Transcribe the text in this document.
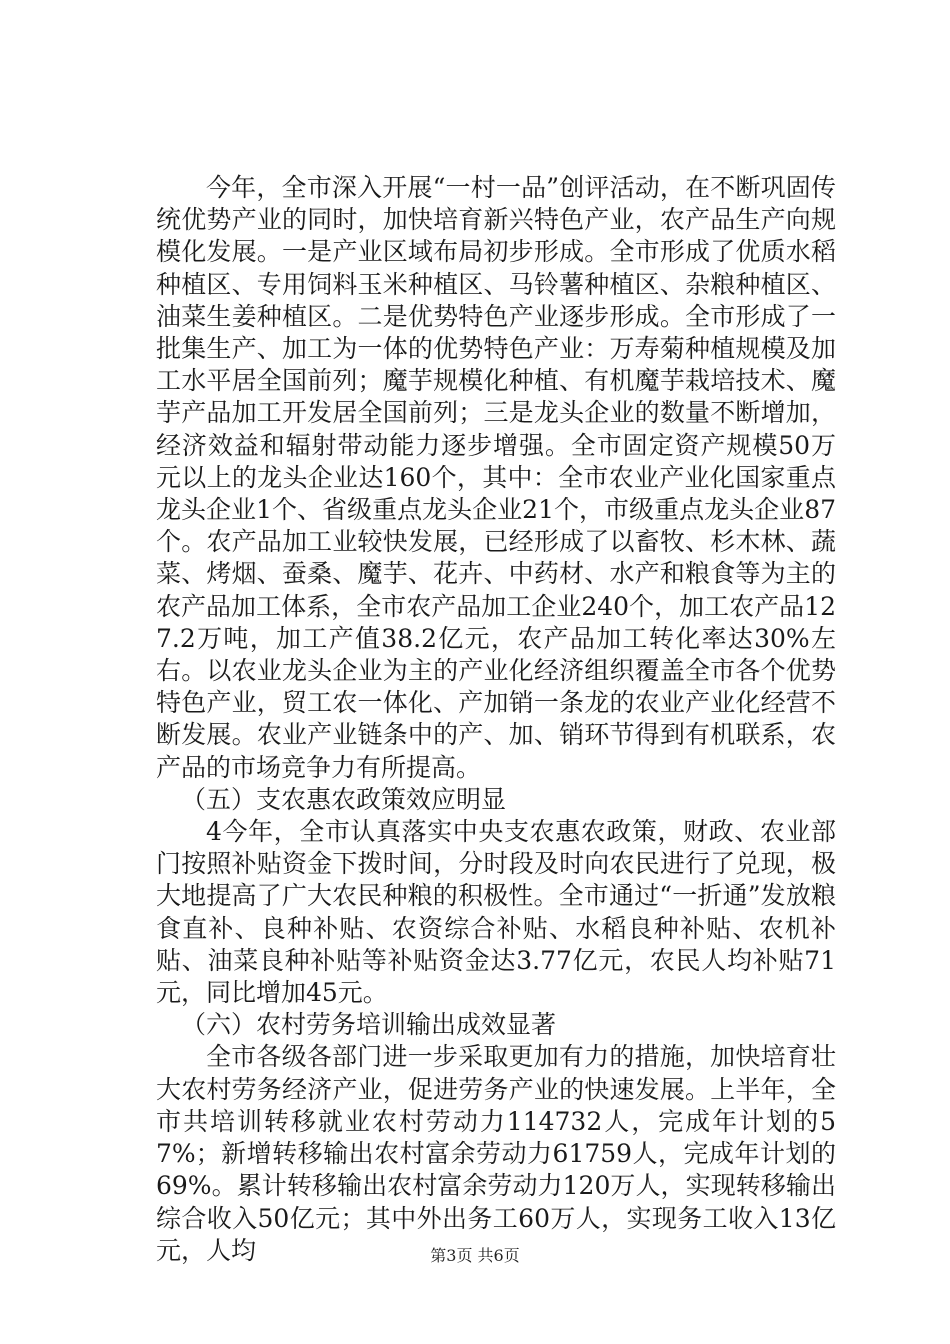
今年，全市深入开展“一村一品”创评活动，在不断巩固传统优势产业的同时，加快培育新兴特色产业，农产品生产向规模化发展。一是产业区域布局初步形成。全市形成了优质水稻种植区、专用饲料玉米种植区、马铃薯种植区、杂粮种植区、油菜生姜种植区。二是优势特色产业逐步形成。全市形成了一批集生产、加工为一体的优势特色产业：万寿菊种植规模及加工水平居全国前列；魔芋规模化种植、有机魔芋栽培技术、魔芋产品加工开发居全国前列；三是龙头企业的数量不断增加，经济效益和辐射带动能力逐步增强。全市固定资产规模50万元以上的龙头企业达160个，其中：全市农业产业化国家重点龙头企业1个、省级重点龙头企业21个，市级重点龙头企业87个。农产品加工业较快发展，已经形成了以畜牧、杉木林、蔬菜、烤烟、蚕桑、魔芋、花卉、中药材、水产和粮食等为主的农产品加工体系，全市农产品加工企业240个，加工农产品127.2万吨，加工产值38.2亿元，农产品加工转化率达30%左右。以农业龙头企业为主的产业化经济组织覆盖全市各个优势特色产业，贸工农一体化、产加销一条龙的农业产业化经营不断发展。农业产业链条中的产、加、销环节得到有机联系，农产品的市场竞争力有所提高。

（五）支农惠农政策效应明显

4今年，全市认真落实中央支农惠农政策，财政、农业部门按照补贴资金下拨时间，分时段及时向农民进行了兑现，极大地提高了广大农民种粮的积极性。全市通过“一折通”发放粮食直补、良种补贴、农资综合补贴、水稻良种补贴、农机补贴、油菜良种补贴等补贴资金达3.77亿元，农民人均补贴71元，同比增加45元。

（六）农村劳务培训输出成效显著

全市各级各部门进一步采取更加有力的措施，加快培育壮大农村劳务经济产业，促进劳务产业的快速发展。上半年，全市共培训转移就业农村劳动力114732人，完成年计划的57%；新增转移输出农村富余劳动力61759人，完成年计划的69%。累计转移输出农村富余劳动力120万人，实现转移输出综合收入50亿元；其中外出务工60万人，实现务工收入13亿元，人均	第3页 共6页
